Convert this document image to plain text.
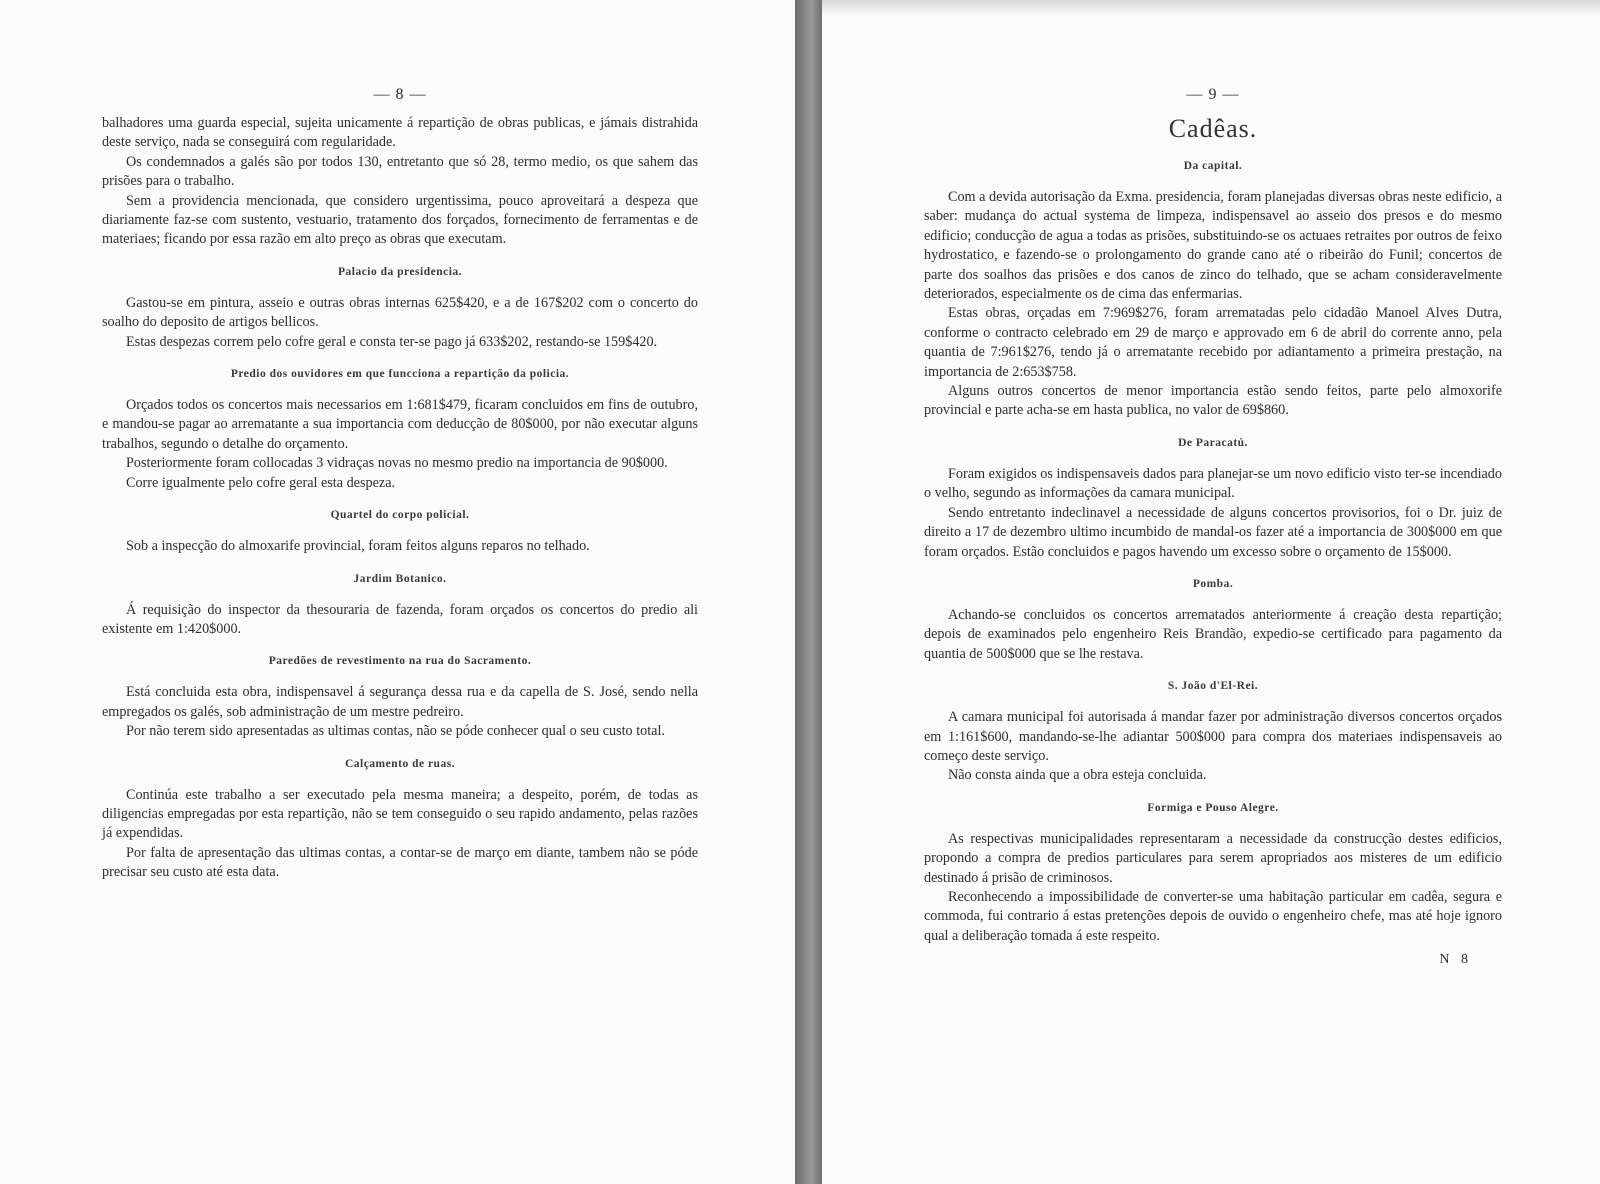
— 8 —

balhadores uma guarda especial, sujeita unicamente á repartição de obras publicas, e jámais distrahida deste serviço, nada se conseguirá com regularidade.

Os condemnados a galés são por todos 130, entretanto que só 28, termo medio, os que sahem das prisões para o trabalho.

Sem a providencia mencionada, que considero urgentissima, pouco aproveitará a despeza que diariamente faz-se com sustento, vestuario, tratamento dos forçados, fornecimento de ferramentas e de materiaes; ficando por essa razão em alto preço as obras que executam.

Palacio da presidencia.

Gastou-se em pintura, asseio e outras obras internas 625$420, e a de 167$202 com o concerto do soalho do deposito de artigos bellicos.

Estas despezas correm pelo cofre geral e consta ter-se pago já 633$202, restando-se 159$420.

Predio dos ouvidores em que funcciona a repartição da policia.

Orçados todos os concertos mais necessarios em 1:681$479, ficaram concluidos em fins de outubro, e mandou-se pagar ao arrematante a sua importancia com deducção de 80$000, por não executar alguns trabalhos, segundo o detalhe do orçamento.

Posteriormente foram collocadas 3 vidraças novas no mesmo predio na importancia de 90$000.

Corre igualmente pelo cofre geral esta despeza.

Quartel do corpo policial.

Sob a inspecção do almoxarife provincial, foram feitos alguns reparos no telhado.

Jardim Botanico.

Á requisição do inspector da thesouraria de fazenda, foram orçados os concertos do predio ali existente em 1:420$000.

Paredões de revestimento na rua do Sacramento.

Está concluida esta obra, indispensavel á segurança dessa rua e da capella de S. José, sendo nella empregados os galés, sob administração de um mestre pedreiro.

Por não terem sido apresentadas as ultimas contas, não se póde conhecer qual o seu custo total.

Calçamento de ruas.

Continúa este trabalho a ser executado pela mesma maneira; a despeito, porém, de todas as diligencias empregadas por esta repartição, não se tem conseguido o seu rapido andamento, pelas razões já expendidas.

Por falta de apresentação das ultimas contas, a contar-se de março em diante, tambem não se póde precisar seu custo até esta data.

— 9 —
Cadêas.
Da capital.

Com a devida autorisação da Exma. presidencia, foram planejadas diversas obras neste edificio, a saber: mudança do actual systema de limpeza, indispensavel ao asseio dos presos e do mesmo edificio; conducção de agua a todas as prisões, substituindo-se os actuaes retraites por outros de feixo hydrostatico, e fazendo-se o prolongamento do grande cano até o ribeirão do Funil; concertos de parte dos soalhos das prisões e dos canos de zinco do telhado, que se acham consideravelmente deteriorados, especialmente os de cima das enfermarias.

Estas obras, orçadas em 7:969$276, foram arrematadas pelo cidadão Manoel Alves Dutra, conforme o contracto celebrado em 29 de março e approvado em 6 de abril do corrente anno, pela quantia de 7:961$276, tendo já o arrematante recebido por adiantamento a primeira prestação, na importancia de 2:653$758.

Alguns outros concertos de menor importancia estão sendo feitos, parte pelo almoxorife provincial e parte acha-se em hasta publica, no valor de 69$860.

De Paracatú.

Foram exigidos os indispensaveis dados para planejar-se um novo edificio visto ter-se incendiado o velho, segundo as informações da camara municipal.

Sendo entretanto indeclinavel a necessidade de alguns concertos provisorios, foi o Dr. juiz de direito a 17 de dezembro ultimo incumbido de mandal-os fazer até a importancia de 300$000 em que foram orçados. Estão concluidos e pagos havendo um excesso sobre o orçamento de 15$000.

Pomba.

Achando-se concluidos os concertos arrematados anteriormente á creação desta repartição; depois de examinados pelo engenheiro Reis Brandão, expedio-se certificado para pagamento da quantia de 500$000 que se lhe restava.

S. João d'El-Rei.

A camara municipal foi autorisada á mandar fazer por administração diversos concertos orçados em 1:161$600, mandando-se-lhe adiantar 500$000 para compra dos materiaes indispensaveis ao começo deste serviço.

Não consta ainda que a obra esteja concluida.

Formiga e Pouso Alegre.

As respectivas municipalidades representaram a necessidade da construcção destes edificios, propondo a compra de predios particulares para serem apropriados aos misteres de um edificio destinado á prisão de criminosos.

Reconhecendo a impossibilidade de converter-se uma habitação particular em cadêa, segura e commoda, fui contrario á estas pretenções depois de ouvido o engenheiro chefe, mas até hoje ignoro qual a deliberação tomada á este respeito.

N 8
